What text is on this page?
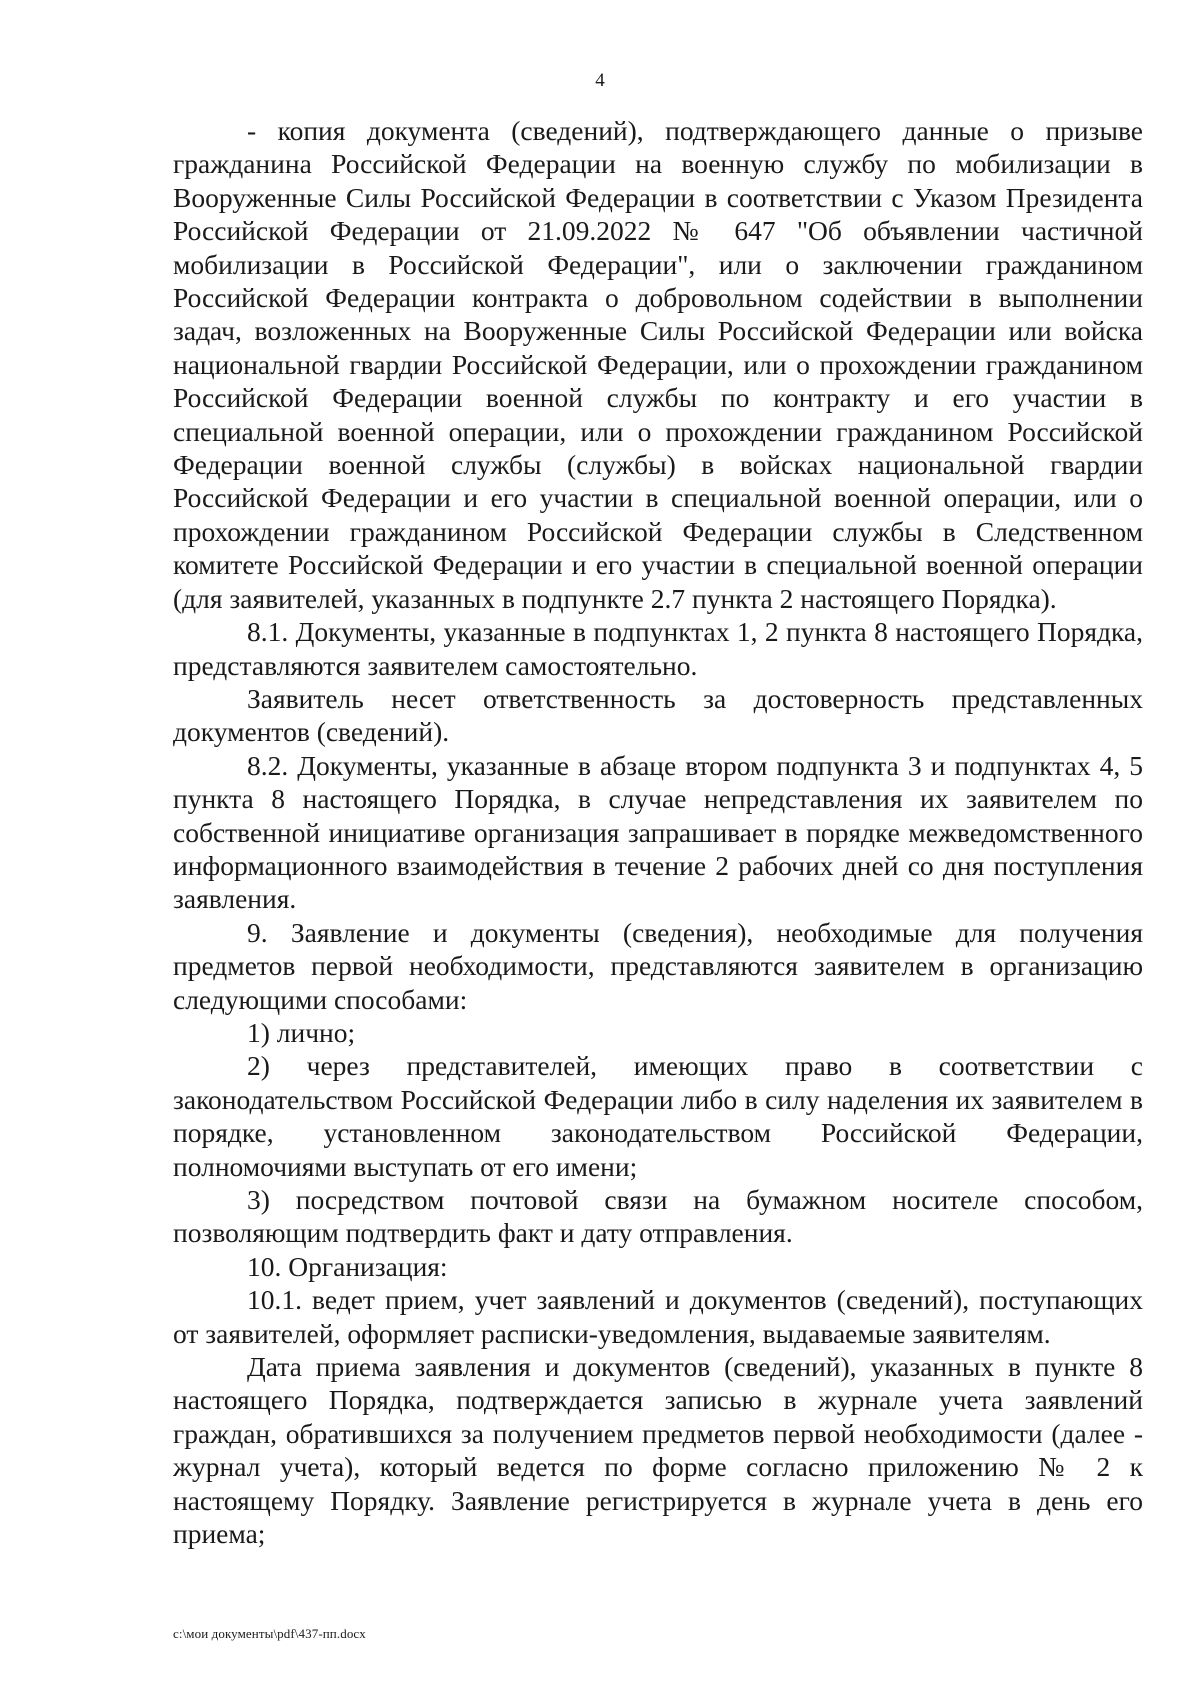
4

- копия документа (сведений), подтверждающего данные о призыве гражданина Российской Федерации на военную службу по мобилизации в Вооруженные Силы Российской Федерации в соответствии с Указом Президента Российской Федерации от 21.09.2022 № 647 "Об объявлении частичной мобилизации в Российской Федерации", или о заключении гражданином Российской Федерации контракта о добровольном содействии в выполнении задач, возложенных на Вооруженные Силы Российской Федерации или войска национальной гвардии Российской Федерации, или о прохождении гражданином Российской Федерации военной службы по контракту и его участии в специальной военной операции, или о прохождении гражданином Российской Федерации военной службы (службы) в войсках национальной гвардии Российской Федерации и его участии в специальной военной операции, или о прохождении гражданином Российской Федерации службы в Следственном комитете Российской Федерации и его участии в специальной военной операции (для заявителей, указанных в подпункте 2.7 пункта 2 настоящего Порядка).

8.1. Документы, указанные в подпунктах 1, 2 пункта 8 настоящего Порядка, представляются заявителем самостоятельно.

Заявитель несет ответственность за достоверность представленных документов (сведений).

8.2. Документы, указанные в абзаце втором подпункта 3 и подпунктах 4, 5 пункта 8 настоящего Порядка, в случае непредставления их заявителем по собственной инициативе организация запрашивает в порядке межведомственного информационного взаимодействия в течение 2 рабочих дней со дня поступления заявления.

9. Заявление и документы (сведения), необходимые для получения предметов первой необходимости, представляются заявителем в организацию следующими способами:

1) лично;

2) через представителей, имеющих право в соответствии с законодательством Российской Федерации либо в силу наделения их заявителем в порядке, установленном законодательством Российской Федерации, полномочиями выступать от его имени;

3) посредством почтовой связи на бумажном носителе способом, позволяющим подтвердить факт и дату отправления.

10. Организация:

10.1. ведет прием, учет заявлений и документов (сведений), поступающих от заявителей, оформляет расписки-уведомления, выдаваемые заявителям.

Дата приема заявления и документов (сведений), указанных в пункте 8 настоящего Порядка, подтверждается записью в журнале учета заявлений граждан, обратившихся за получением предметов первой необходимости (далее - журнал учета), который ведется по форме согласно приложению № 2 к настоящему Порядку. Заявление регистрируется в журнале учета в день его приема;

c:\мои документы\pdf\437-пп.docx
